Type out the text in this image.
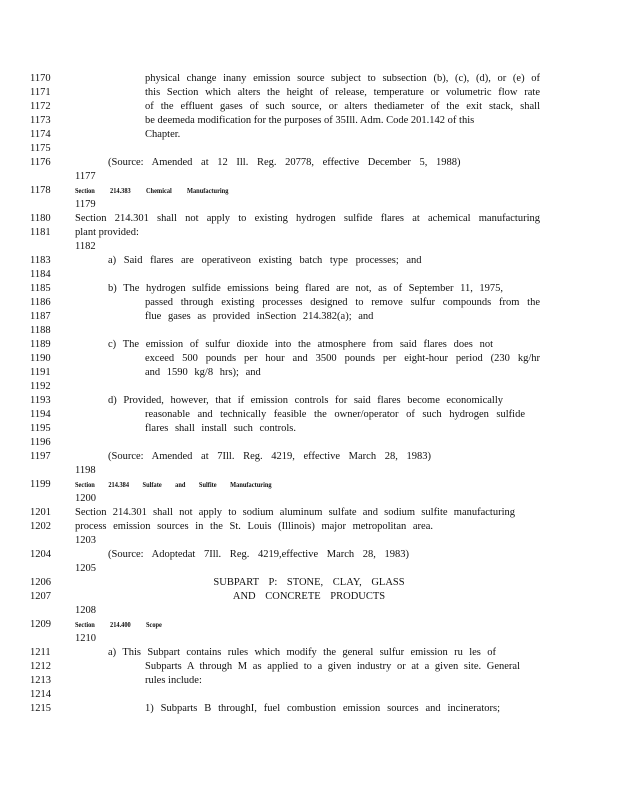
1170	physical change inany emission source subject to subsection (b), (c), (d), or (e) of
1171	this Section which alters the height of release, temperature or volumetric flow rate
1172	of the effluent gases of such source, or alters thediameter of the exit stack, shall
1173	be deemeda modification for the purposes of 35Ill. Adm. Code 201.142 of this
1174	Chapter.
1175
1176	(Source: Amended at 12 Ill. Reg. 20778, effective December 5, 1988)
1177
1178	Section 214.383 Chemical Manufacturing
1179
1180	Section 214.301 shall not apply to existing hydrogen sulfide flares at achemical manufacturing
1181	plant provided:
1182
1183	a) Said flares are operativeon existing batch type processes; and
1184
1185	b) The hydrogen sulfide emissions being flared are not, as of September 11, 1975,
1186	passed through existing processes designed to remove sulfur compounds from the
1187	flue gases as provided inSection 214.382(a); and
1188
1189	c) The emission of sulfur dioxide into the atmosphere from said flares does not
1190	exceed 500 pounds per hour and 3500 pounds per eight-hour period (230 kg/hr
1191	and 1590 kg/8 hrs); and
1192
1193	d) Provided, however, that if emission controls for said flares become economically
1194	reasonable and technically feasible the owner/operator of such hydrogen sulfide
1195	flares shall install such controls.
1196
1197	(Source: Amended at 7Ill. Reg. 4219, effective March 28, 1983)
1198
1199	Section 214.384 Sulfate and Sulfite Manufacturing
1200
1201	Section 214.301 shall not apply to sodium aluminum sulfate and sodium sulfite manufacturing
1202	process emission sources in the St. Louis (Illinois) major metropolitan area.
1203
1204	(Source: Adoptedat 7Ill. Reg. 4219,effective March 28, 1983)
1205
1206	SUBPART P: STONE, CLAY, GLASS
1207	AND CONCRETE PRODUCTS
1208
1209	Section 214.400 Scope
1210
1211	a) This Subpart contains rules which modify the general sulfur emission ru les of
1212	Subparts A through M as applied to a given industry or at a given site. General
1213	rules include:
1214
1215	1) Subparts B throughI, fuel combustion emission sources and incinerators;
